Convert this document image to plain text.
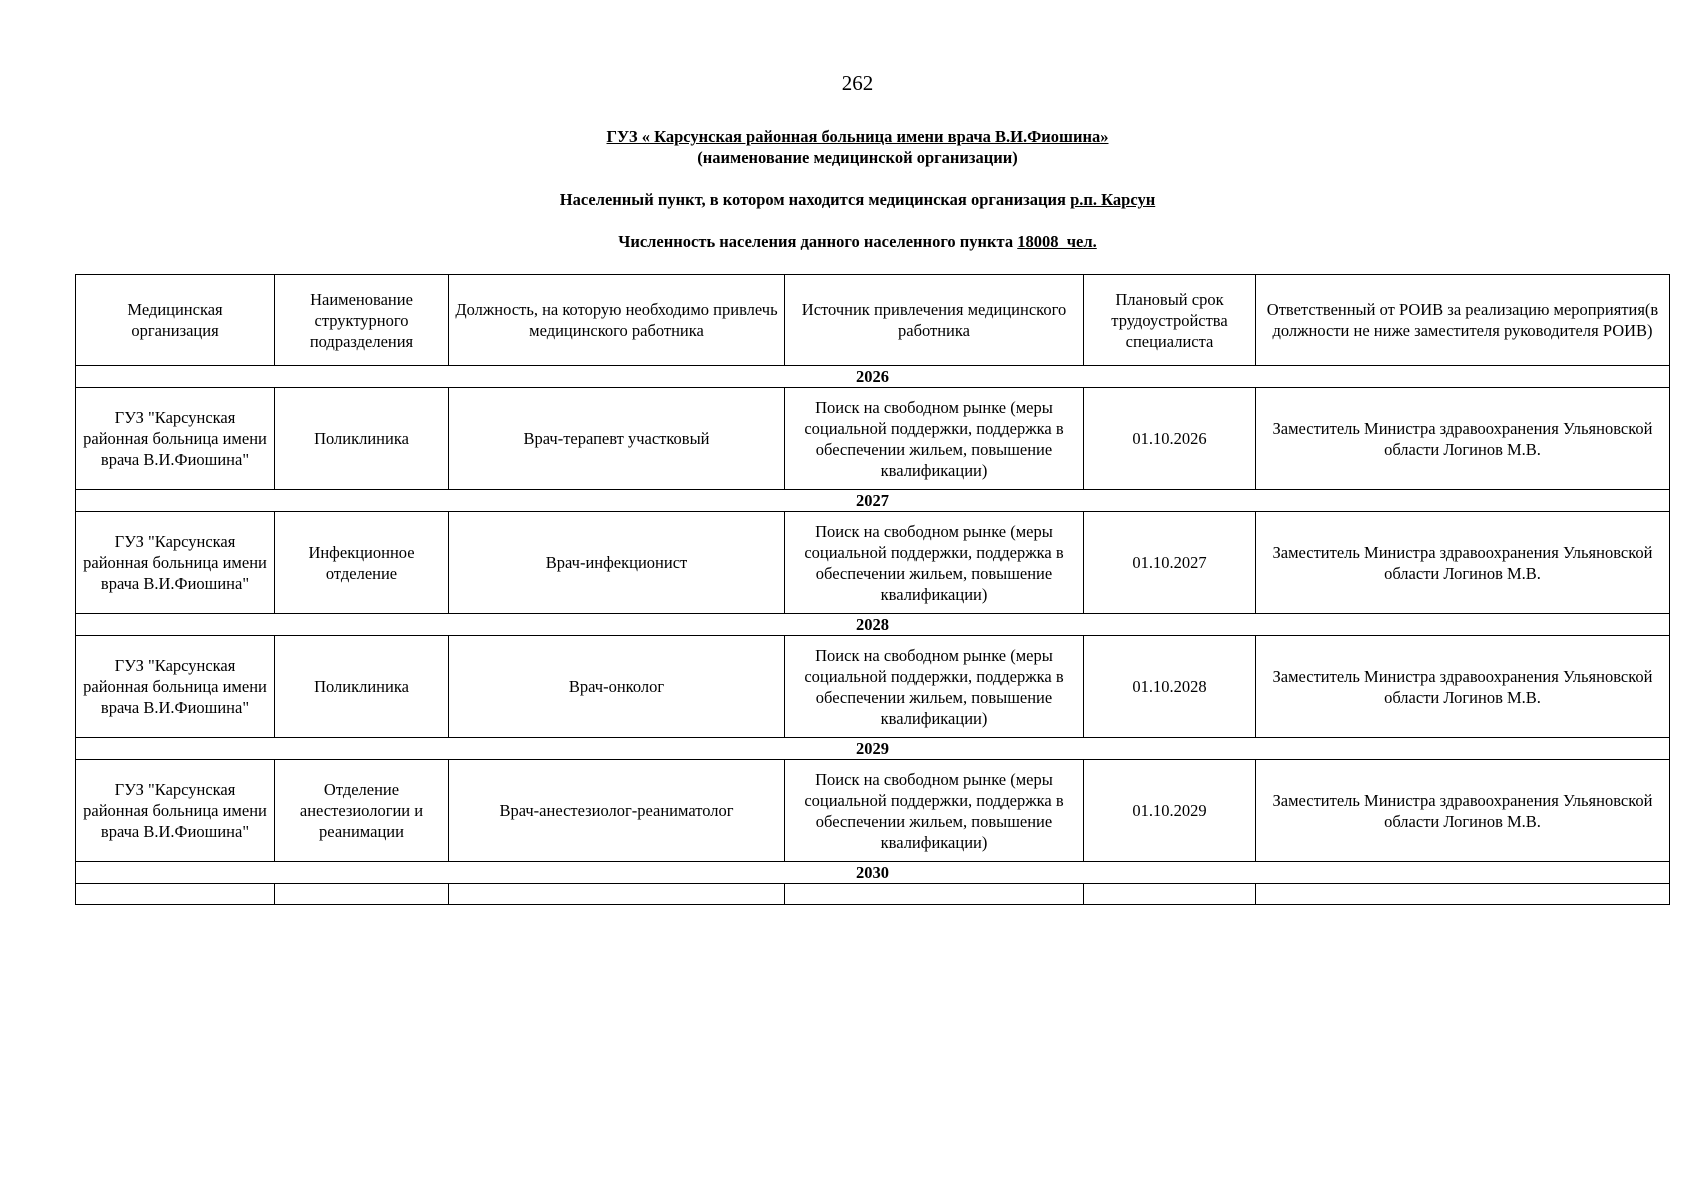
262
ГУЗ « Карсунская районная больница имени врача В.И.Фиошина»
(наименование медицинской организации)
Населенный пункт, в котором находится медицинская организация р.п. Карсун
Численность населения данного населенного пункта 18008  чел.
Медицинская организация	Наименование структурного подразделения	Должность, на которую необходимо привлечь медицинского работника	Источник привлечения медицинского работника	Плановый срок трудоустройства специалиста	Ответственный от РОИВ за реализацию мероприятия(в должности не ниже заместителя руководителя РОИВ)
2026					
ГУЗ "Карсунская районная больница имени врача В.И.Фиошина"	Поликлиника	Врач-терапевт участковый	Поиск на свободном рынке (меры социальной поддержки, поддержка в обеспечении жильем, повышение квалификации)	01.10.2026	Заместитель Министра здравоохранения Ульяновской области Логинов М.В.
2027					
ГУЗ "Карсунская районная больница имени врача В.И.Фиошина"	Инфекционное отделение	Врач-инфекционист	Поиск на свободном рынке (меры социальной поддержки, поддержка в обеспечении жильем, повышение квалификации)	01.10.2027	Заместитель Министра здравоохранения Ульяновской области Логинов М.В.
2028					
ГУЗ "Карсунская районная больница имени врача В.И.Фиошина"	Поликлиника	Врач-онколог	Поиск на свободном рынке (меры социальной поддержки, поддержка в обеспечении жильем, повышение квалификации)	01.10.2028	Заместитель Министра здравоохранения Ульяновской области Логинов М.В.
2029					
ГУЗ "Карсунская районная больница имени врача В.И.Фиошина"	Отделение анестезиологии и реанимации	Врач-анестезиолог-реаниматолог	Поиск на свободном рынке (меры социальной поддержки, поддержка в обеспечении жильем, повышение квалификации)	01.10.2029	Заместитель Министра здравоохранения Ульяновской области Логинов М.В.
2030					
